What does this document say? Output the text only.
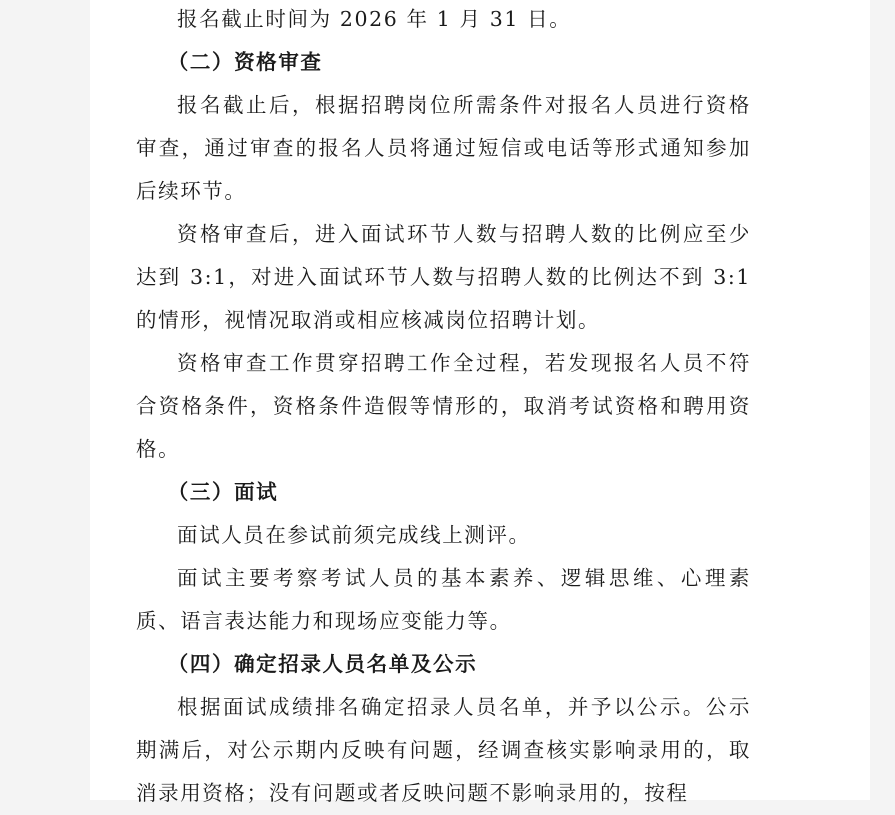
报名截止时间为 2026 年 1 月 31 日。

（二）资格审查

报名截止后，根据招聘岗位所需条件对报名人员进行资格审查，通过审查的报名人员将通过短信或电话等形式通知参加后续环节。

资格审查后，进入面试环节人数与招聘人数的比例应至少达到 3:1，对进入面试环节人数与招聘人数的比例达不到 3:1 的情形，视情况取消或相应核减岗位招聘计划。

资格审查工作贯穿招聘工作全过程，若发现报名人员不符合资格条件，资格条件造假等情形的，取消考试资格和聘用资格。

（三）面试

面试人员在参试前须完成线上测评。

面试主要考察考试人员的基本素养、逻辑思维、心理素质、语言表达能力和现场应变能力等。

（四）确定招录人员名单及公示

根据面试成绩排名确定招录人员名单，并予以公示。公示期满后，对公示期内反映有问题，经调查核实影响录用的，取消录用资格；没有问题或者反映问题不影响录用的，按程
